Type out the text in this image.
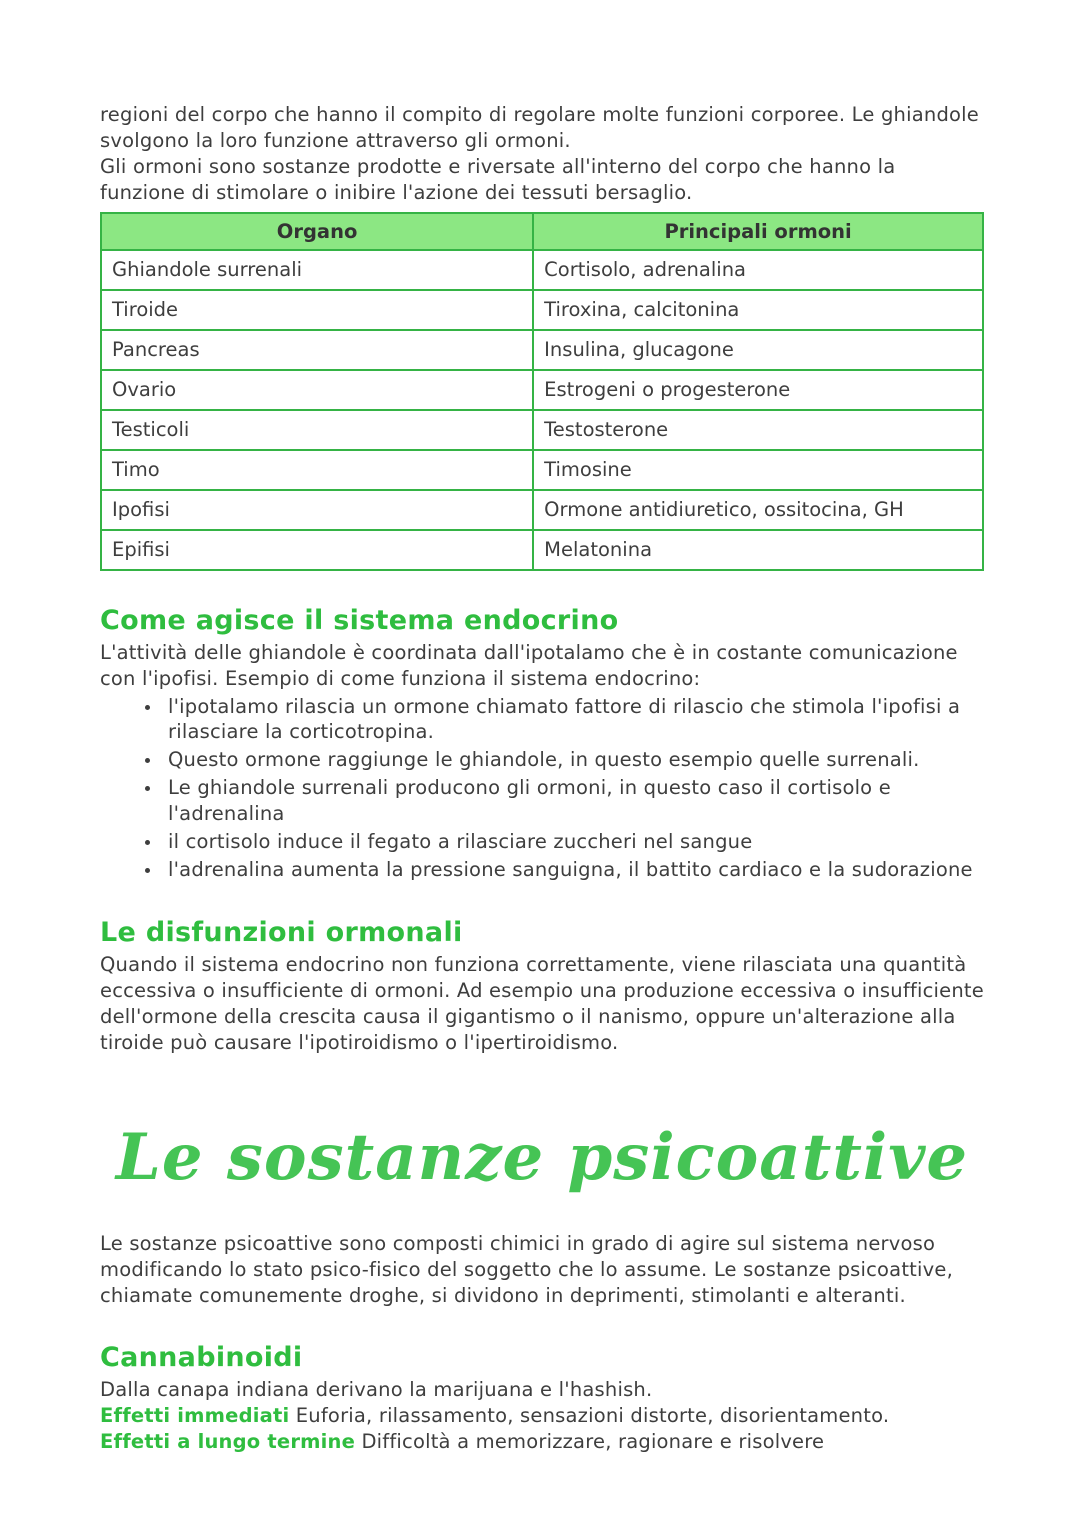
regioni del corpo che hanno il compito di regolare molte funzioni corporee. Le ghiandole svolgono la loro funzione attraverso gli ormoni.

Gli ormoni sono sostanze prodotte e riversate all'interno del corpo che hanno la funzione di stimolare o inibire l'azione dei tessuti bersaglio.

Organo	Principali ormoni
Ghiandole surrenali	Cortisolo, adrenalina
Tiroide	Tiroxina, calcitonina
Pancreas	Insulina, glucagone
Ovario	Estrogeni o progesterone
Testicoli	Testosterone
Timo	Timosine
Ipofisi	Ormone antidiuretico, ossitocina, GH
Epifisi	Melatonina
Come agisce il sistema endocrino

L'attività delle ghiandole è coordinata dall'ipotalamo che è in costante comunicazione con l'ipofisi. Esempio di come funziona il sistema endocrino:

• l'ipotalamo rilascia un ormone chiamato fattore di rilascio che stimola l'ipofisi a rilasciare la corticotropina.
• Questo ormone raggiunge le ghiandole, in questo esempio quelle surrenali.
• Le ghiandole surrenali producono gli ormoni, in questo caso il cortisolo e l'adrenalina
• il cortisolo induce il fegato a rilasciare zuccheri nel sangue
• l'adrenalina aumenta la pressione sanguigna, il battito cardiaco e la sudorazione
Le disfunzioni ormonali

Quando il sistema endocrino non funziona correttamente, viene rilasciata una quantità eccessiva o insufficiente di ormoni. Ad esempio una produzione eccessiva o insufficiente dell'ormone della crescita causa il gigantismo o il nanismo, oppure un'alterazione alla tiroide può causare l'ipotiroidismo o l'ipertiroidismo.

Le sostanze psicoattive

Le sostanze psicoattive sono composti chimici in grado di agire sul sistema nervoso modificando lo stato psico-fisico del soggetto che lo assume. Le sostanze psicoattive, chiamate comunemente droghe, si dividono in deprimenti, stimolanti e alteranti.

Cannabinoidi

Dalla canapa indiana derivano la marijuana e l'hashish.

Effetti immediati Euforia, rilassamento, sensazioni distorte, disorientamento.

Effetti a lungo termine Difficoltà a memorizzare, ragionare e risolvere
